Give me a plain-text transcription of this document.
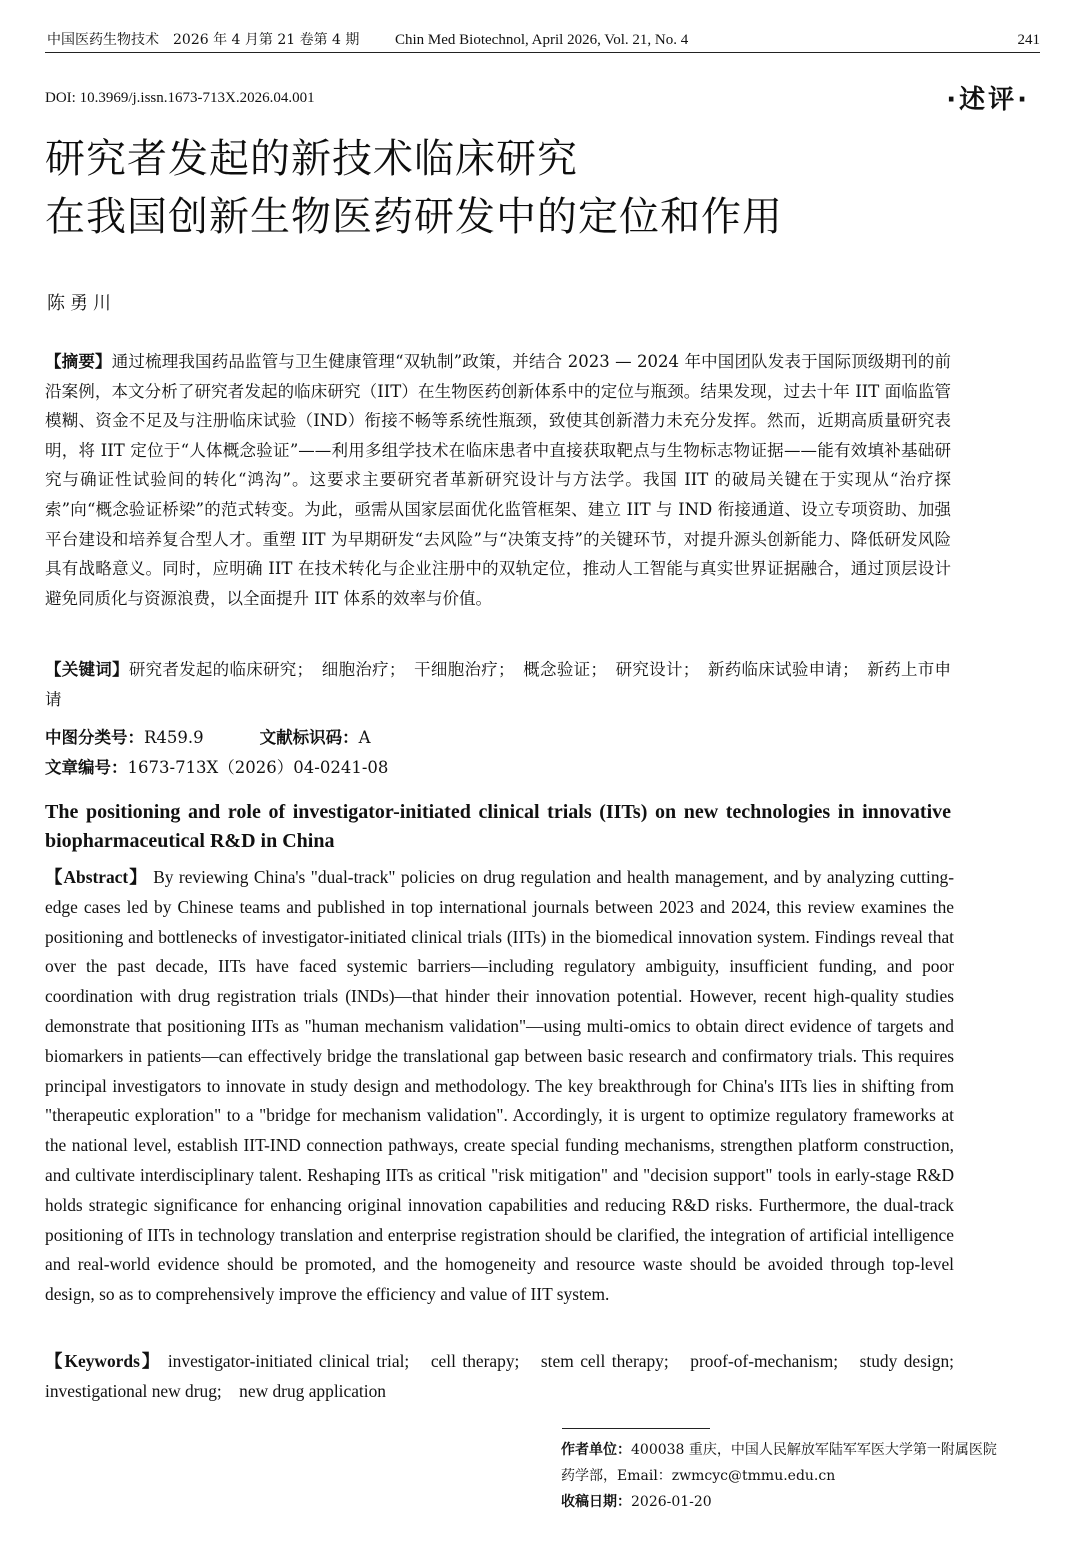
中国医药生物技术　2026 年 4 月第 21 卷第 4 期 Chin Med Biotechnol, April 2026, Vol. 21, No. 4	241
DOI: 10.3969/j.issn.1673-713X.2026.04.001	·述评·
研究者发起的新技术临床研究
在我国创新生物医药研发中的定位和作用
陈勇川
【摘要】通过梳理我国药品监管与卫生健康管理“双轨制”政策，并结合 2023 — 2024 年中国团队发表于国际顶级期刊的前沿案例，本文分析了研究者发起的临床研究（IIT）在生物医药创新体系中的定位与瓶颈。结果发现，过去十年 IIT 面临监管模糊、资金不足及与注册临床试验（IND）衔接不畅等系统性瓶颈，致使其创新潜力未充分发挥。然而，近期高质量研究表明，将 IIT 定位于“人体概念验证”——利用多组学技术在临床患者中直接获取靶点与生物标志物证据——能有效填补基础研究与确证性试验间的转化“鸿沟”。这要求主要研究者革新研究设计与方法学。我国 IIT 的破局关键在于实现从“治疗探索”向“概念验证桥梁”的范式转变。为此，亟需从国家层面优化监管框架、建立 IIT 与 IND 衔接通道、设立专项资助、加强平台建设和培养复合型人才。重塑 IIT 为早期研发“去风险”与“决策支持”的关键环节，对提升源头创新能力、降低研发风险具有战略意义。同时，应明确 IIT 在技术转化与企业注册中的双轨定位，推动人工智能与真实世界证据融合，通过顶层设计避免同质化与资源浪费，以全面提升 IIT 体系的效率与价值。
【关键词】研究者发起的临床研究；　细胞治疗；　干细胞治疗；　概念验证；　研究设计；　新药临床试验申请；　新药上市申请
中图分类号：R459.9	文献标识码：A
文章编号：1673-713X（2026）04-0241-08
The positioning and role of investigator-initiated clinical trials (IITs) on new technologies in innovative biopharmaceutical R&D in China
【Abstract】 By reviewing China's "dual-track" policies on drug regulation and health management, and by analyzing cutting-edge cases led by Chinese teams and published in top international journals between 2023 and 2024, this review examines the positioning and bottlenecks of investigator-initiated clinical trials (IITs) in the biomedical innovation system. Findings reveal that over the past decade, IITs have faced systemic barriers—including regulatory ambiguity, insufficient funding, and poor coordination with drug registration trials (INDs)—that hinder their innovation potential. However, recent high-quality studies demonstrate that positioning IITs as "human mechanism validation"—using multi-omics to obtain direct evidence of targets and biomarkers in patients—can effectively bridge the translational gap between basic research and confirmatory trials. This requires principal investigators to innovate in study design and methodology. The key breakthrough for China's IITs lies in shifting from "therapeutic exploration" to a "bridge for mechanism validation". Accordingly, it is urgent to optimize regulatory frameworks at the national level, establish IIT-IND connection pathways, create special funding mechanisms, strengthen platform construction, and cultivate interdisciplinary talent. Reshaping IITs as critical "risk mitigation" and "decision support" tools in early-stage R&D holds strategic significance for enhancing original innovation capabilities and reducing R&D risks. Furthermore, the dual-track positioning of IITs in technology translation and enterprise registration should be clarified, the integration of artificial intelligence and real-world evidence should be promoted, and the homogeneity and resource waste should be avoided through top-level design, so as to comprehensively improve the efficiency and value of IIT system.
【Keywords】 investigator-initiated clinical trial;　cell therapy;　stem cell therapy;　proof-of-mechanism;　study design;　investigational new drug;　new drug application
作者单位：400038 重庆，中国人民解放军陆军军医大学第一附属医院
药学部，Email：zwmcyc@tmmu.edu.cn
收稿日期：2026-01-20
